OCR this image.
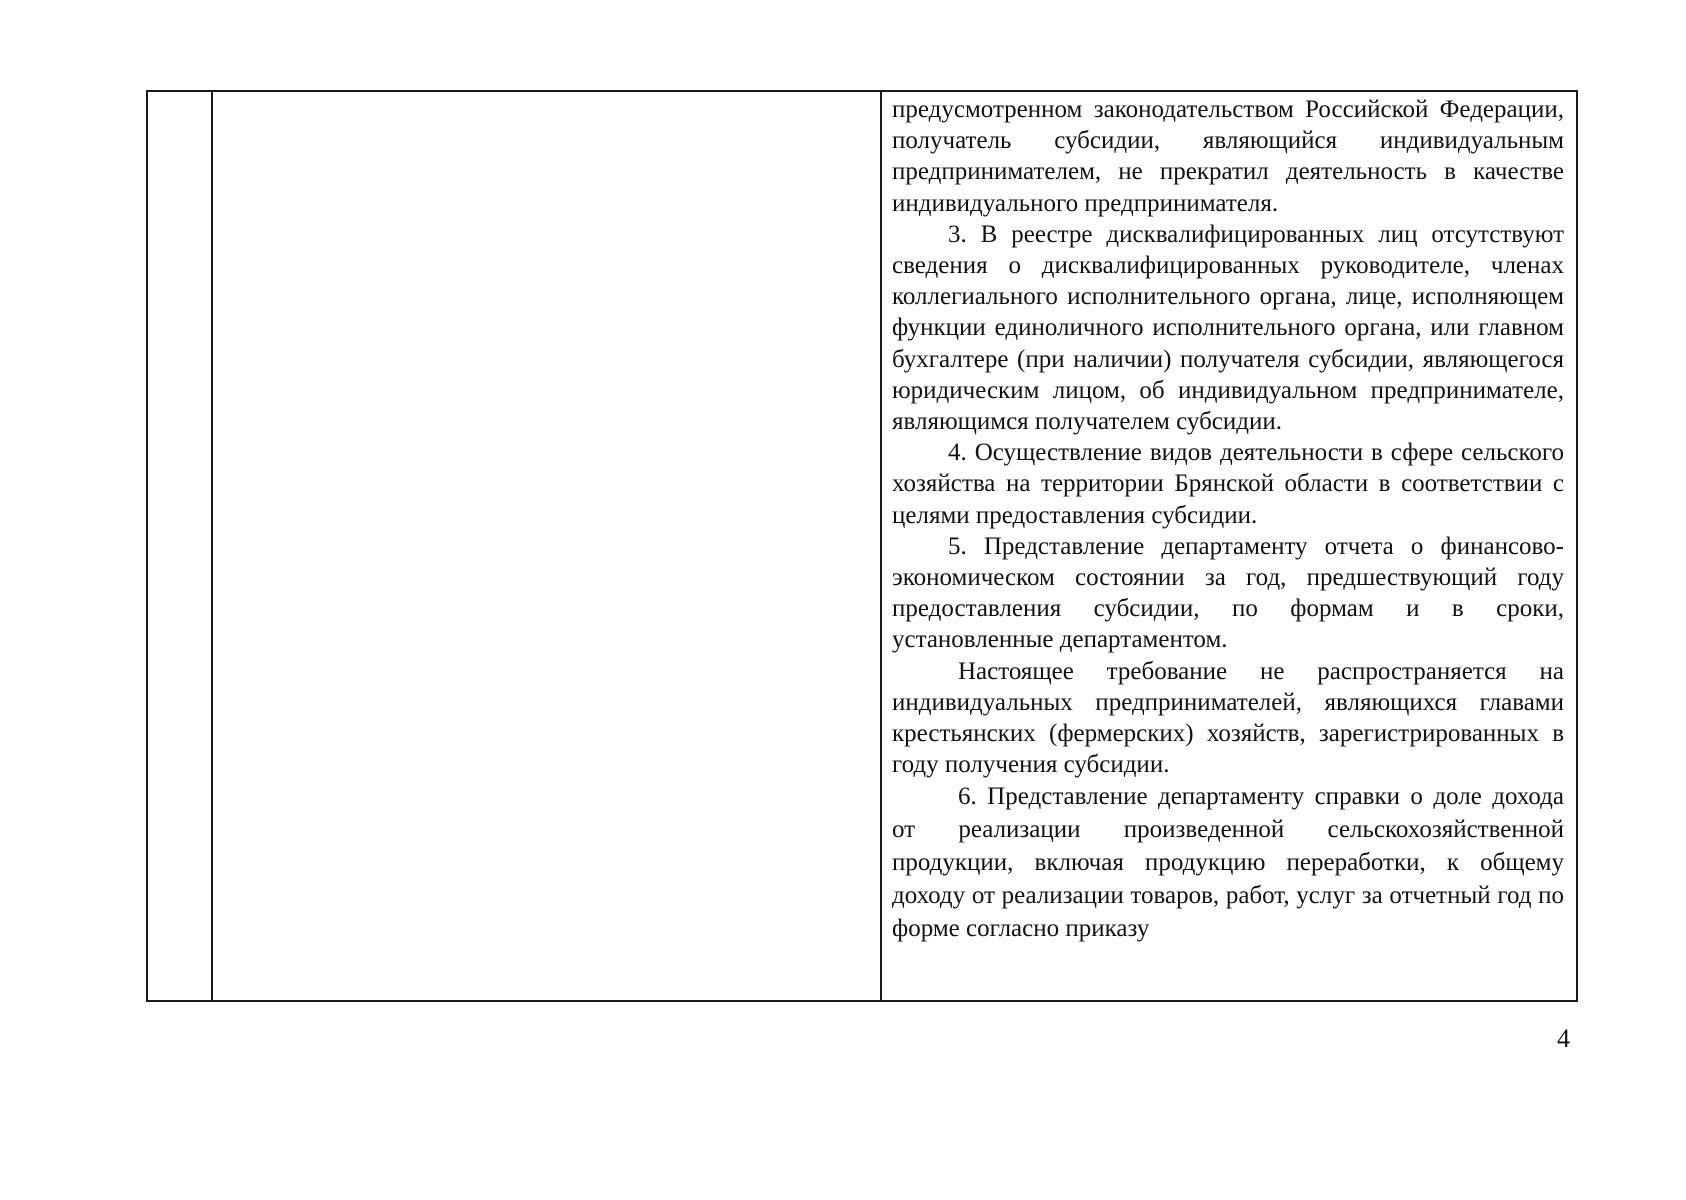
предусмотренном законодательством Российской Федерации, получатель субсидии, являющийся индивидуальным предпринимателем, не прекратил деятельность в качестве индивидуального предпринимателя.

3. В реестре дисквалифицированных лиц отсутствуют сведения о дисквалифицированных руководителе, членах коллегиального исполнительного органа, лице, исполняющем функции единоличного исполнительного органа, или главном бухгалтере (при наличии) получателя субсидии, являющегося юридическим лицом, об индивидуальном предпринимателе, являющимся получателем субсидии.

4. Осуществление видов деятельности в сфере сельского хозяйства на территории Брянской области в соответствии с целями предоставления субсидии.

5. Представление департаменту отчета о финансово-экономическом состоянии за год, предшествующий году предоставления субсидии, по формам и в сроки, установленные департаментом.

Настоящее требование не распространяется на индивидуальных предпринимателей, являющихся главами крестьянских (фермерских) хозяйств, зарегистрированных в году получения субсидии.

6. Представление департаменту справки о доле дохода от реализации произведенной сельскохозяйственной продукции, включая продукцию переработки, к общему доходу от реализации товаров, работ, услуг за отчетный год по форме согласно приказу

4
